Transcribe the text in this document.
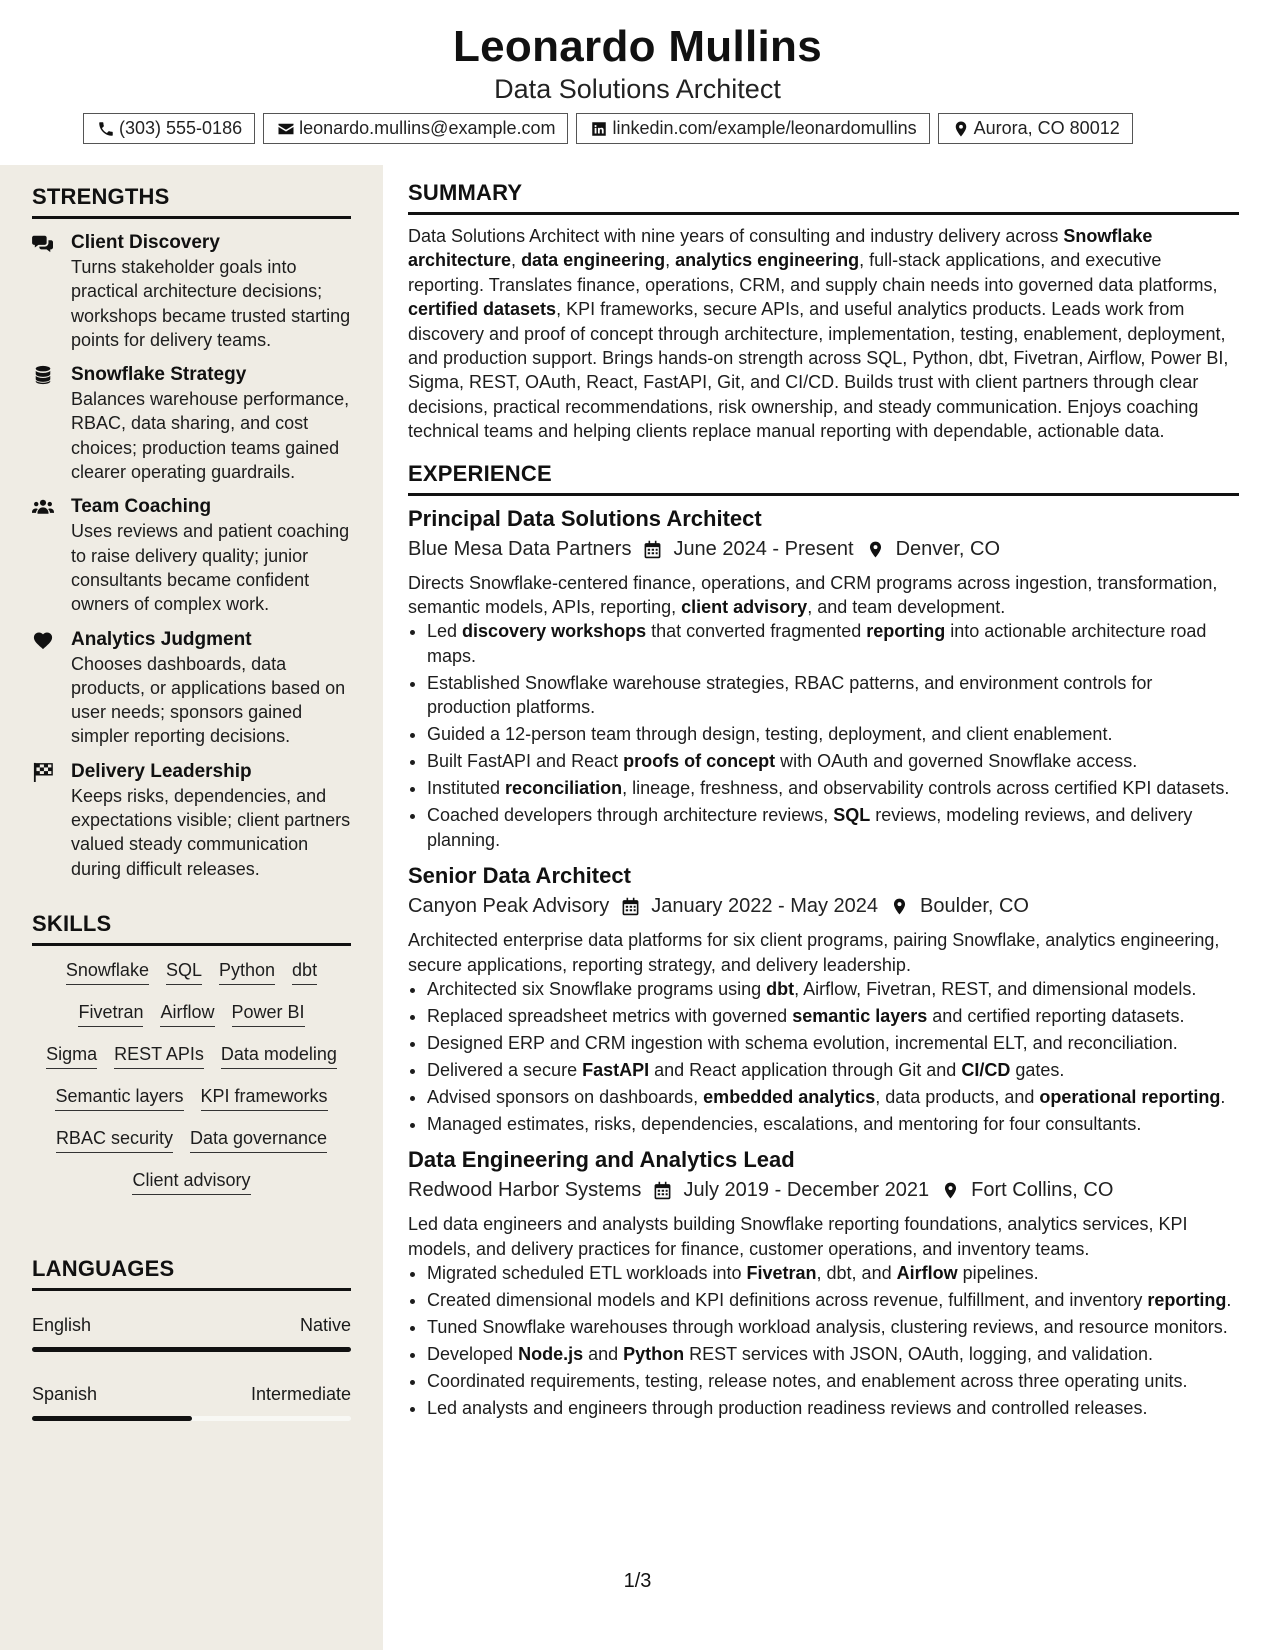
Leonardo Mullins
Data Solutions Architect
(303) 555-0186	leonardo.mullins@example.com	linkedin.com/example/leonardomullins	Aurora, CO 80012
STRENGTHS
Client Discovery
Turns stakeholder goals into practical architecture decisions; workshops became trusted starting points for delivery teams.
Snowflake Strategy
Balances warehouse performance, RBAC, data sharing, and cost choices; production teams gained clearer operating guardrails.
Team Coaching
Uses reviews and patient coaching to raise delivery quality; junior consultants became confident owners of complex work.
Analytics Judgment
Chooses dashboards, data products, or applications based on user needs; sponsors gained simpler reporting decisions.
Delivery Leadership
Keeps risks, dependencies, and expectations visible; client partners valued steady communication during difficult releases.
SKILLS
Snowflake SQL Python dbt
Fivetran Airflow Power BI
Sigma REST APIs Data modeling
Semantic layers KPI frameworks
RBAC security Data governance
Client advisory
LANGUAGES
English	Native
Spanish	Intermediate
SUMMARY
Data Solutions Architect with nine years of consulting and industry delivery across Snowflake architecture, data engineering, analytics engineering, full-stack applications, and executive reporting. Translates finance, operations, CRM, and supply chain needs into governed data platforms, certified datasets, KPI frameworks, secure APIs, and useful analytics products. Leads work from discovery and proof of concept through architecture, implementation, testing, enablement, deployment, and production support. Brings hands-on strength across SQL, Python, dbt, Fivetran, Airflow, Power BI, Sigma, REST, OAuth, React, FastAPI, Git, and CI/CD. Builds trust with client partners through clear decisions, practical recommendations, risk ownership, and steady communication. Enjoys coaching technical teams and helping clients replace manual reporting with dependable, actionable data.
EXPERIENCE
Principal Data Solutions Architect
Blue Mesa Data Partners June 2024 - Present Denver, CO
Directs Snowflake-centered finance, operations, and CRM programs across ingestion, transformation, semantic models, APIs, reporting, client advisory, and team development.
• Led discovery workshops that converted fragmented reporting into actionable architecture road maps.
• Established Snowflake warehouse strategies, RBAC patterns, and environment controls for production platforms.
• Guided a 12-person team through design, testing, deployment, and client enablement.
• Built FastAPI and React proofs of concept with OAuth and governed Snowflake access.
• Instituted reconciliation, lineage, freshness, and observability controls across certified KPI datasets.
• Coached developers through architecture reviews, SQL reviews, modeling reviews, and delivery planning.
Senior Data Architect
Canyon Peak Advisory January 2022 - May 2024 Boulder, CO
Architected enterprise data platforms for six client programs, pairing Snowflake, analytics engineering, secure applications, reporting strategy, and delivery leadership.
• Architected six Snowflake programs using dbt, Airflow, Fivetran, REST, and dimensional models.
• Replaced spreadsheet metrics with governed semantic layers and certified reporting datasets.
• Designed ERP and CRM ingestion with schema evolution, incremental ELT, and reconciliation.
• Delivered a secure FastAPI and React application through Git and CI/CD gates.
• Advised sponsors on dashboards, embedded analytics, data products, and operational reporting.
• Managed estimates, risks, dependencies, escalations, and mentoring for four consultants.
Data Engineering and Analytics Lead
Redwood Harbor Systems July 2019 - December 2021 Fort Collins, CO
Led data engineers and analysts building Snowflake reporting foundations, analytics services, KPI models, and delivery practices for finance, customer operations, and inventory teams.
• Migrated scheduled ETL workloads into Fivetran, dbt, and Airflow pipelines.
• Created dimensional models and KPI definitions across revenue, fulfillment, and inventory reporting.
• Tuned Snowflake warehouses through workload analysis, clustering reviews, and resource monitors.
• Developed Node.js and Python REST services with JSON, OAuth, logging, and validation.
• Coordinated requirements, testing, release notes, and enablement across three operating units.
• Led analysts and engineers through production readiness reviews and controlled releases.
1/3
